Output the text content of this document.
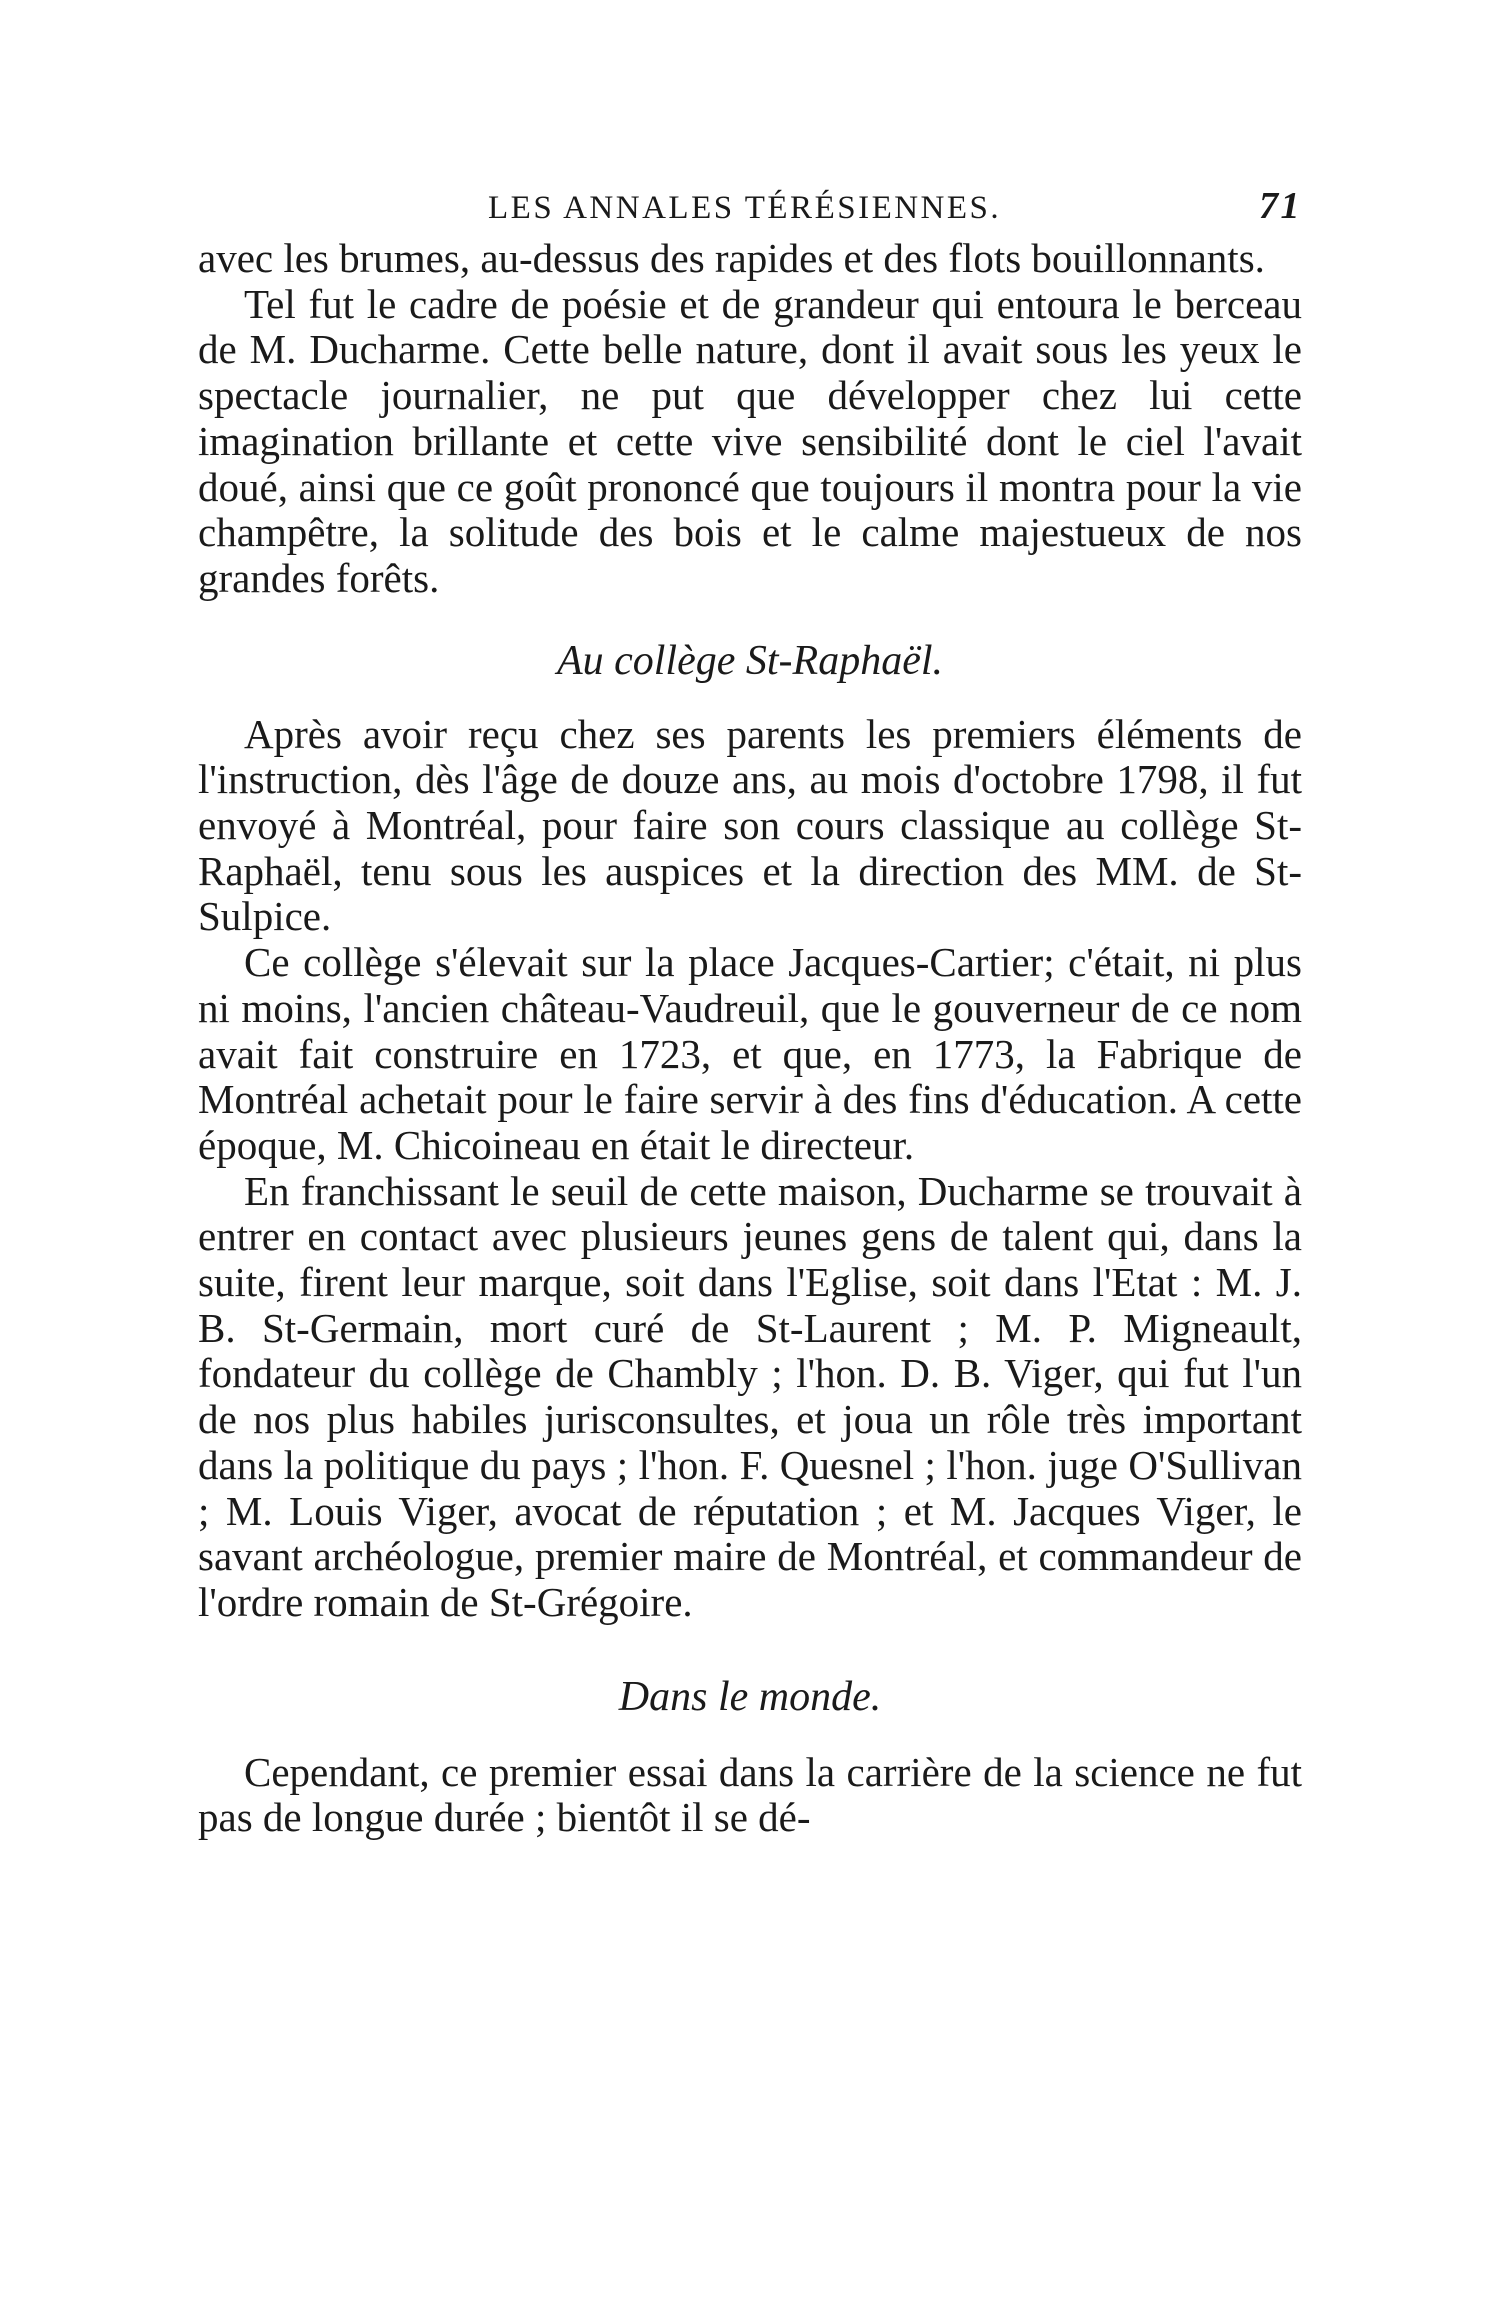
LES ANNALES TÉRÉSIENNES.	71

avec les brumes, au-dessus des rapides et des flots bouillonnants.

Tel fut le cadre de poésie et de grandeur qui entoura le berceau de M. Ducharme. Cette belle nature, dont il avait sous les yeux le spectacle journalier, ne put que développer chez lui cette imagination brillante et cette vive sensibilité dont le ciel l'avait doué, ainsi que ce goût prononcé que toujours il montra pour la vie champêtre, la solitude des bois et le calme majestueux de nos grandes forêts.

Au collège St-Raphaël.

Après avoir reçu chez ses parents les premiers éléments de l'instruction, dès l'âge de douze ans, au mois d'octobre 1798, il fut envoyé à Montréal, pour faire son cours classique au collège St-Raphaël, tenu sous les auspices et la direction des MM. de St-Sulpice.

Ce collège s'élevait sur la place Jacques-Cartier; c'était, ni plus ni moins, l'ancien château-Vaudreuil, que le gouverneur de ce nom avait fait construire en 1723, et que, en 1773, la Fabrique de Montréal achetait pour le faire servir à des fins d'éducation. A cette époque, M. Chicoineau en était le directeur.

En franchissant le seuil de cette maison, Ducharme se trouvait à entrer en contact avec plusieurs jeunes gens de talent qui, dans la suite, firent leur marque, soit dans l'Eglise, soit dans l'Etat : M. J. B. St-Germain, mort curé de St-Laurent ; M. P. Migneault, fondateur du collège de Chambly ; l'hon. D. B. Viger, qui fut l'un de nos plus habiles jurisconsultes, et joua un rôle très important dans la politique du pays ; l'hon. F. Quesnel ; l'hon. juge O'Sullivan ; M. Louis Viger, avocat de réputation ; et M. Jacques Viger, le savant archéologue, premier maire de Montréal, et commandeur de l'ordre romain de St-Grégoire.

Dans le monde.

Cependant, ce premier essai dans la carrière de la science ne fut pas de longue durée ; bientôt il se dé-
